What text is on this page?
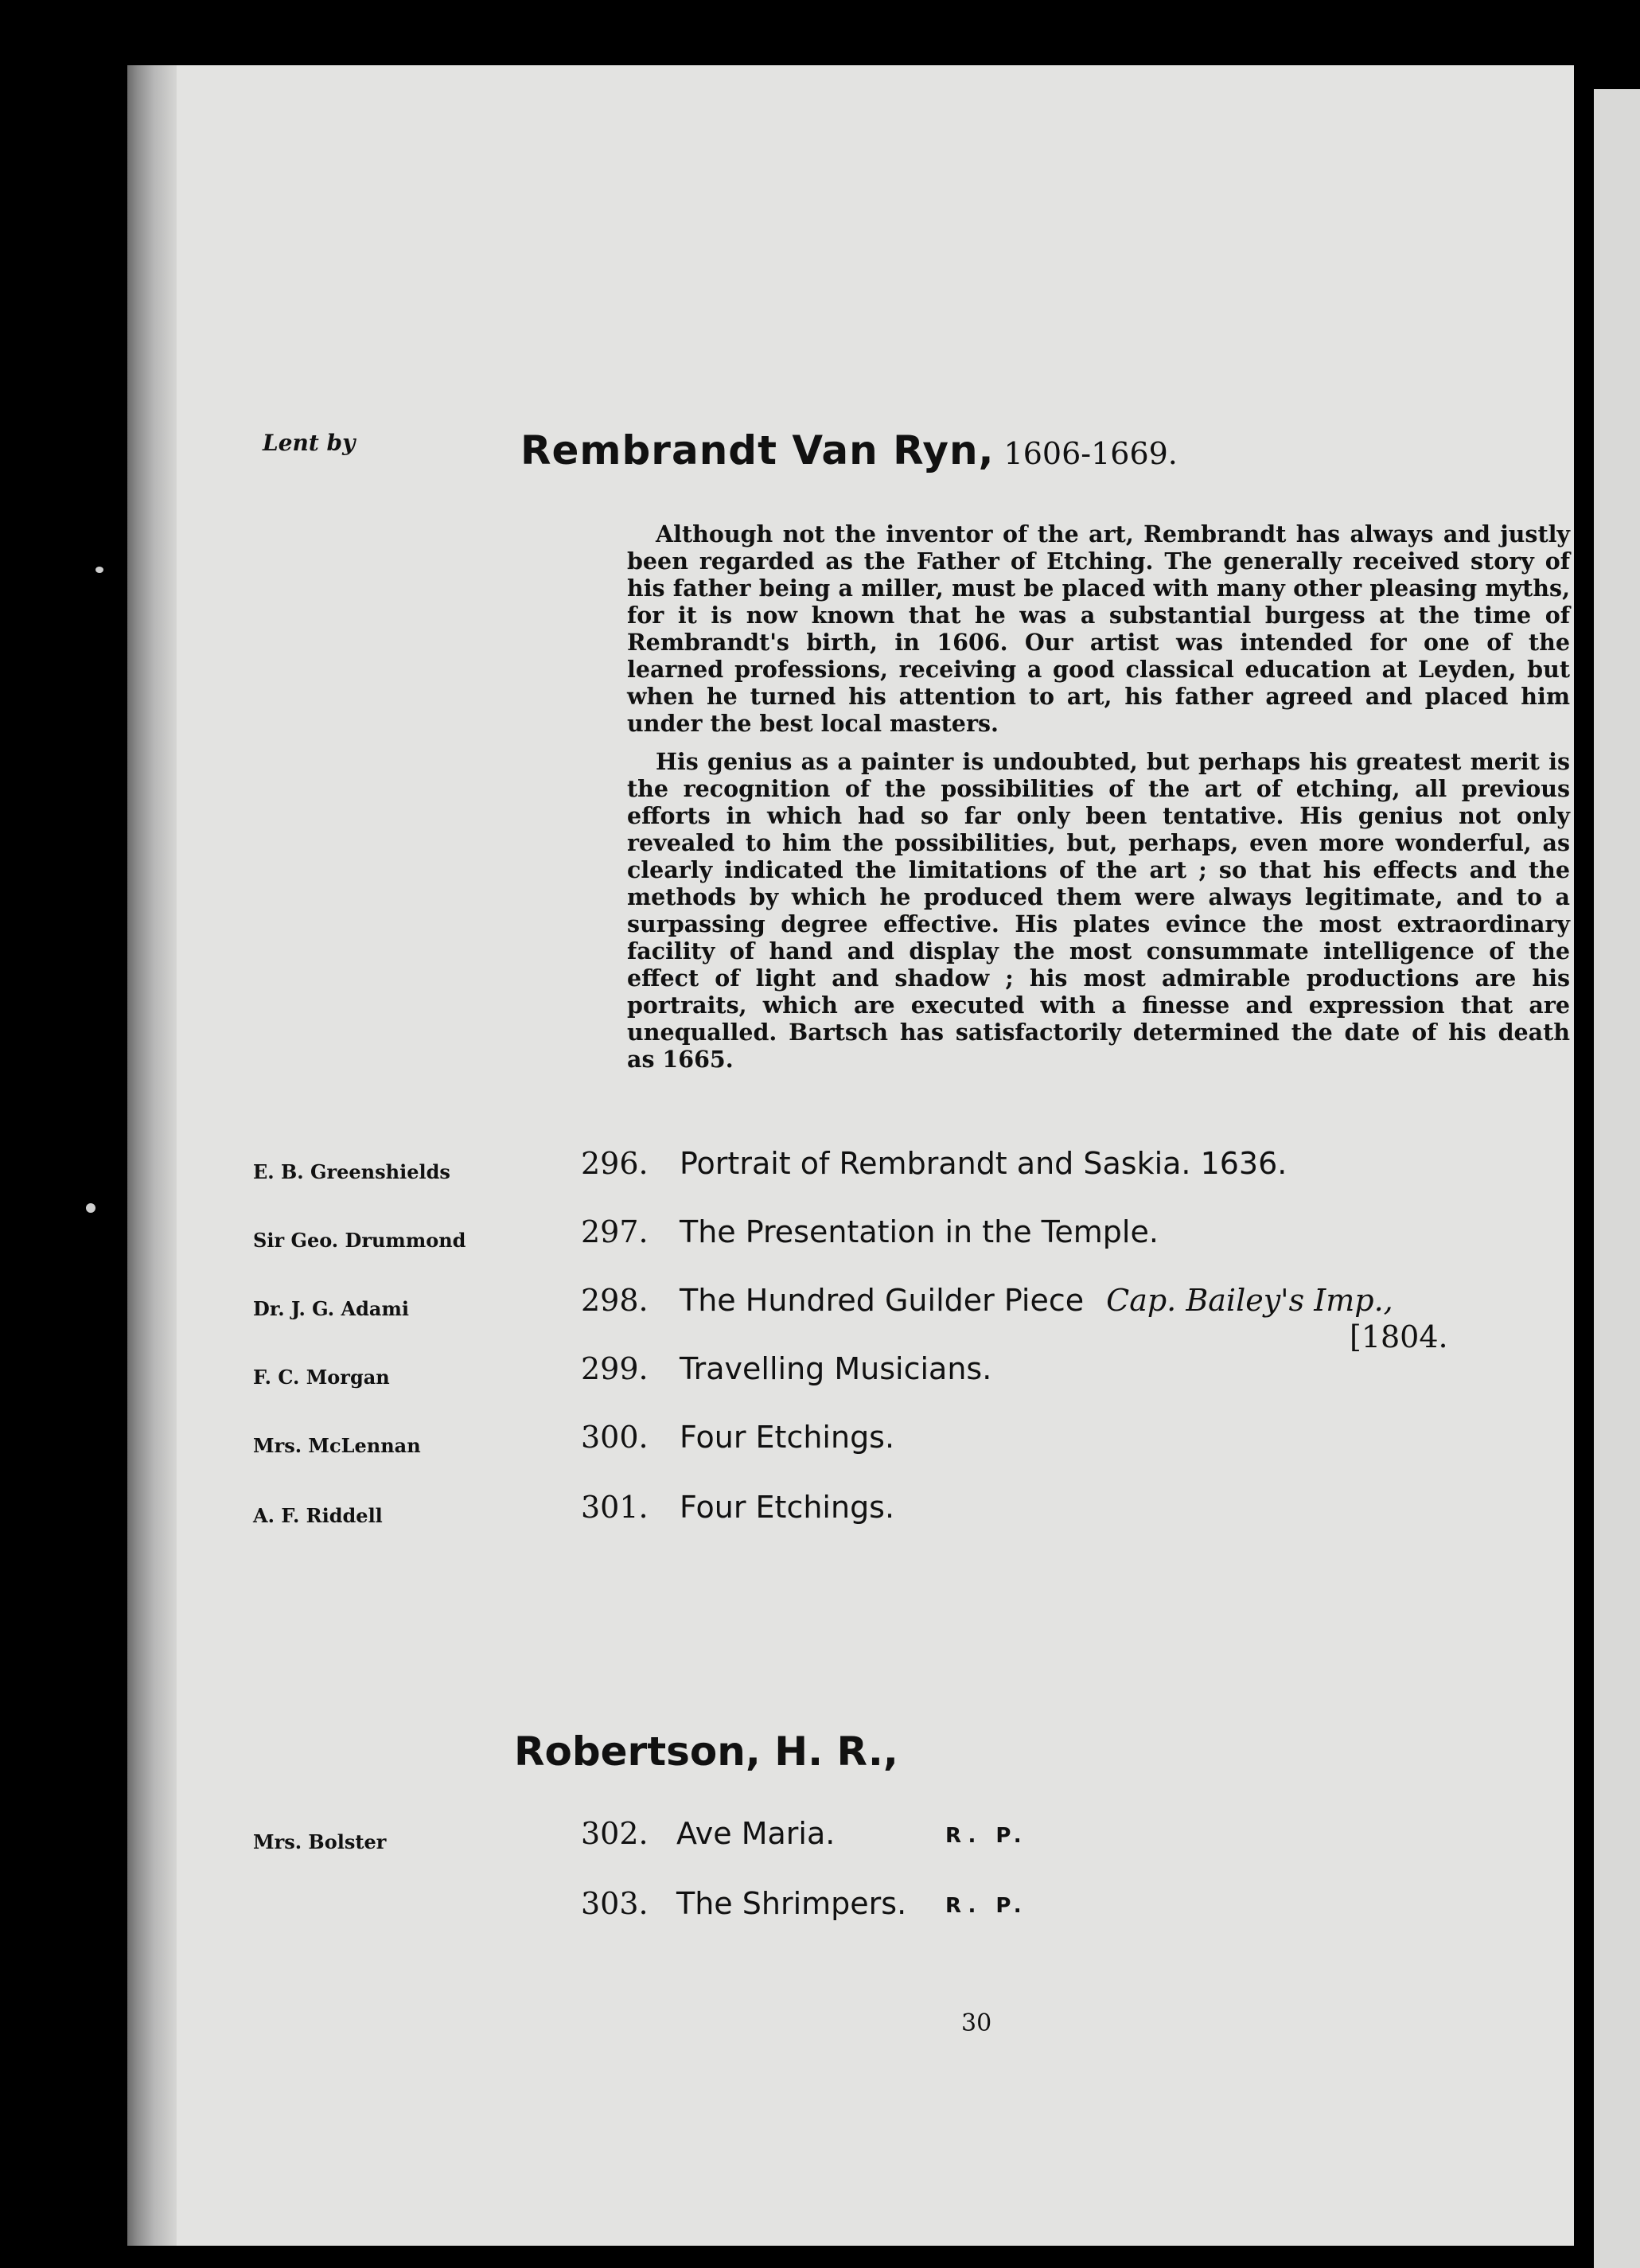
Lent by	Rembrandt Van Ryn, 1606-1669.

Although not the inventor of the art, Rembrandt has always and justly been regarded as the Father of Etching. The generally received story of his father being a miller, must be placed with many other pleasing myths, for it is now known that he was a substantial burgess at the time of Rembrandt's birth, in 1606. Our artist was intended for one of the learned professions, receiving a good classical education at Leyden, but when he turned his attention to art, his father agreed and placed him under the best local masters.

His genius as a painter is undoubted, but perhaps his greatest merit is the recognition of the possibilities of the art of etching, all previous efforts in which had so far only been tentative. His genius not only revealed to him the possibilities, but, perhaps, even more wonderful, as clearly indicated the limitations of the art ; so that his effects and the methods by which he produced them were always legitimate, and to a surpassing degree effective. His plates evince the most extraordinary facility of hand and display the most consummate intelligence of the effect of light and shadow ; his most admirable productions are his portraits, which are executed with a finesse and expression that are unequalled. Bartsch has satisfactorily determined the date of his death as 1665.

E. B. Greenshields	296. Portrait of Rembrandt and Saskia. 1636.
Sir Geo. Drummond	297. The Presentation in the Temple.
Dr. J. G. Adami	298. The Hundred Guilder Piece Cap. Bailey's Imp.,
[1804.
F. C. Morgan	299. Travelling Musicians.
Mrs. McLennan	300. Four Etchings.
A. F. Riddell	301. Four Etchings.
Robertson, H. R.,
Mrs. Bolster	302. Ave Maria.	R. P.
303. The Shrimpers. R. P.
30
